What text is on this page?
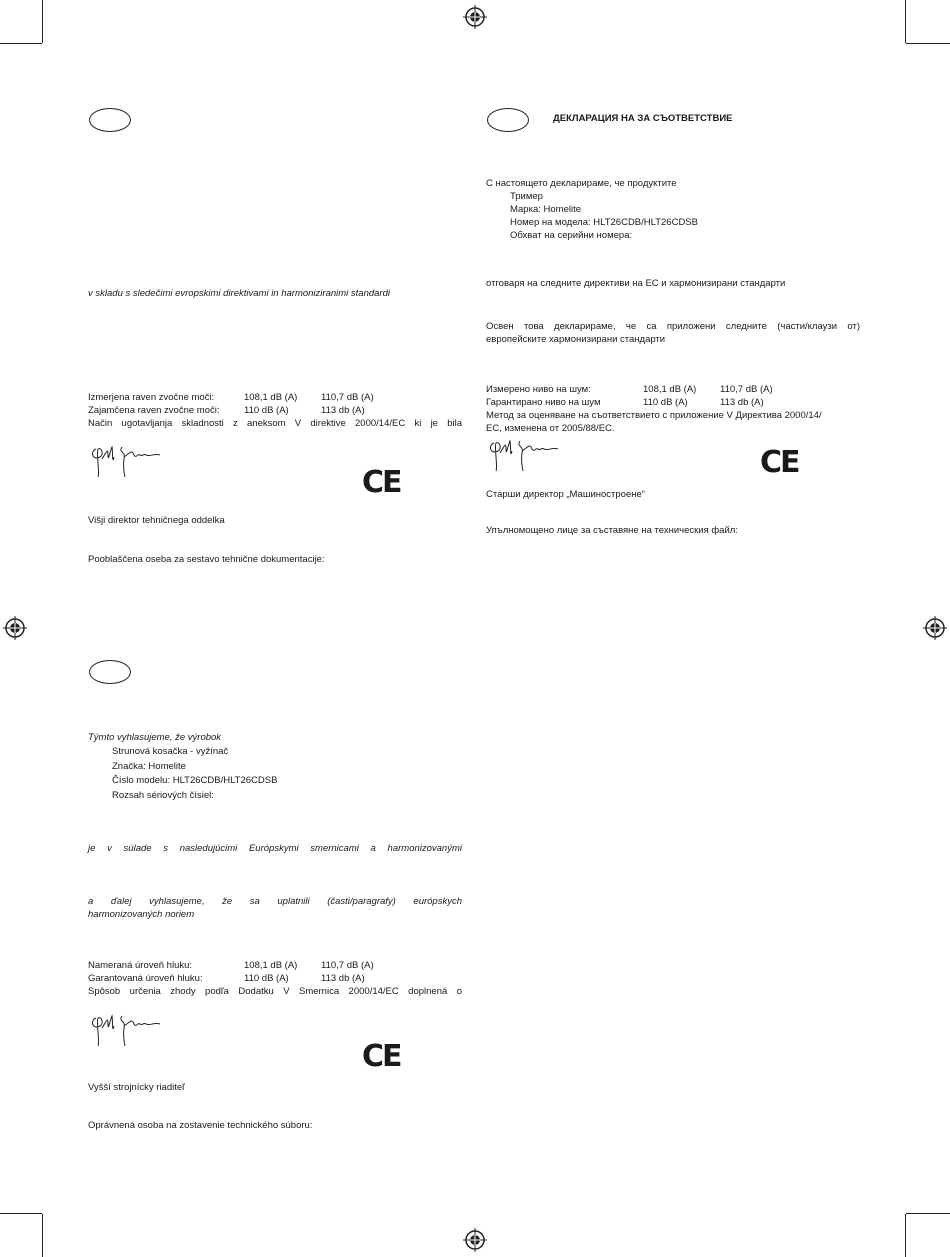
v skladu s sledečimi evropskimi direktivami in harmoniziranimi standardi
Izmerjena raven zvočne moči:	108,1 dB (A) 110,7 dB (A)
Zajamčena raven zvočne moči:	110 dB (A)	113 db (A)
Način ugotavljanja skladnosti z aneksom V direktive 2000/14/EC ki je bila
CE
Višji direktor tehničnega oddelka
Pooblaščena oseba za sestavo tehnične dokumentacije:
ДЕКЛАРАЦИЯ НА ЗА СЪОТВЕТСТВИЕ
С настоящето декларираме, че продуктите
Тример
Марка: Homelite
Номер на модела: HLT26CDB/HLT26CDSB
Обхват на серийни номера:
отговаря на следните директиви на ЕС и хармонизирани стандарти
Освен това декларираме, че са приложени следните (части/клаузи от)
европейските хармонизирани стандарти
Измерено ниво на шум:	108,1 dB (A) 110,7 dB (A)
Гарантирано ниво на шум	110 dB (A)	113 db (A)
Метод за оценяване на съответствието с приложение V Директива 2000/14/
EC, изменена от 2005/88/EC.
CE
Старши директор „Машиностроене“
Упълномощено лице за съставяне на техническия файл:
Týmto vyhlasujeme, že výrobok
Strunová kosačka - vyžínač
Značka: Homelite
Číslo modelu: HLT26CDB/HLT26CDSB
Rozsah sériových čísiel:
je v súlade s nasledujúcimi Európskymi smernicami a harmonizovanými
a ďalej vyhlasujeme, že sa uplatnili (časti/paragrafy) európskych
harmonizovaných noriem
Nameraná úroveň hluku:	108,1 dB (A) 110,7 dB (A)
Garantovaná úroveň hluku:	110 dB (A)	113 db (A)
Spôsob určenia zhody podľa Dodatku V Smernica 2000/14/EC doplnená o
CE
Vyšší strojnícky riaditeľ
Oprávnená osoba na zostavenie technického súboru:
